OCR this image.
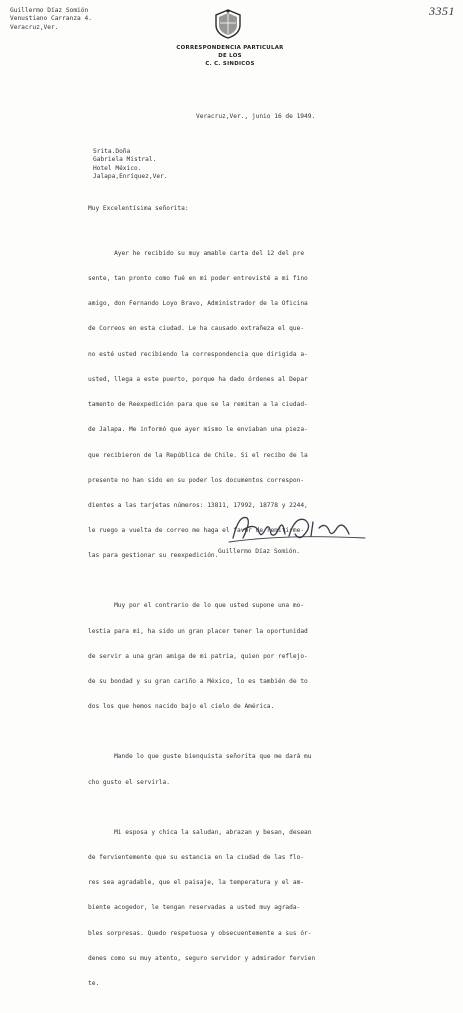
3351
Guillermo Díaz Somión
Venustiano Carranza 4.
Veracruz,Ver.
CORRESPONDENCIA PARTICULAR
DE LOS
C. C. SINDICOS
Veracruz,Ver., junio 16 de 1949.
Srita.Doña
Gabriela Mistral.
Hotel México.
Jalapa,Enríquez,Ver.
Muy Excelentísima señorita:

Ayer he recibido su muy amable carta del 12 del pre

sente, tan pronto como fué en mi poder entrevisté a mi fino

amigo, don Fernando Loyo Bravo, Administrador de la Oficina

de Correos en esta ciudad. Le ha causado extrañeza el que-

no esté usted recibiendo la correspondencia que dirigida a-

usted, llega a este puerto, porque ha dado órdenes al Depar

tamento de Reexpedición para que se la remitan a la ciudad-

de Jalapa. Me informó que ayer mismo le enviaban una pieza-

que recibieron de la República de Chile. Si el recibo de la

presente no han sido en su poder los documentos correspon-

dientes a las tarjetas números: 13811, 17992, 18778 y 2244,

le ruego a vuelta de correo me haga el favor de remitirme-

las para gestionar su reexpedición.

Muy por el contrario de lo que usted supone una mo-

lestia para mí, ha sido un gran placer tener la oportunidad

de servir a una gran amiga de mi patria, quien por reflejo-

de su bondad y su gran cariño a México, lo es también de to

dos los que hemos nacido bajo el cielo de América.

Mande lo que guste bienquista señorita que me dará mu

cho gusto el servirla.

Mi esposa y chica la saludan, abrazan y besan, desean

de fervientemente que su estancia en la ciudad de las flo-

res sea agradable, que el paisaje, la temperatura y el am-

biente acogedor, le tengan reservadas a usted muy agrada-

bles sorpresas. Quedo respetuosa y obsecuentemente a sus ór-

denes como su muy atento, seguro servidor y admirador fervien

te.

Guillermo Díaz Somión.
